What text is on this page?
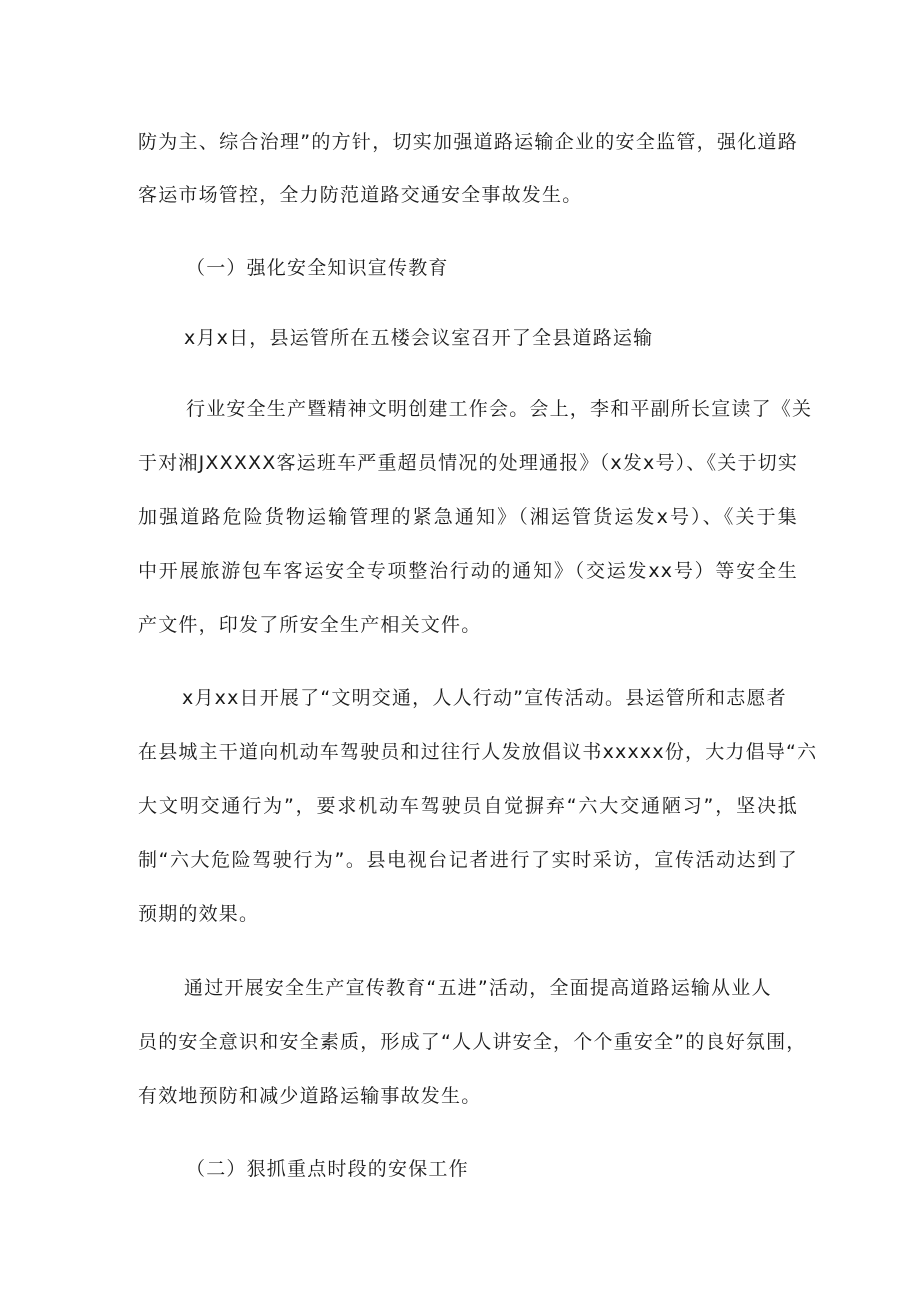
防为主、综合治理”的方针，切实加强道路运输企业的安全监管，强化道路
客运市场管控，全力防范道路交通安全事故发生。
（一）强化安全知识宣传教育
x月x日，县运管所在五楼会议室召开了全县道路运输
行业安全生产暨精神文明创建工作会。会上，李和平副所长宣读了《关
于对湘JXXXXX客运班车严重超员情况的处理通报》（x发x号）、《关于切实
加强道路危险货物运输管理的紧急通知》（湘运管货运发x号）、《关于集
中开展旅游包车客运安全专项整治行动的通知》（交运发xx号）等安全生
产文件，印发了所安全生产相关文件。
x月xx日开展了“文明交通，人人行动”宣传活动。县运管所和志愿者
在县城主干道向机动车驾驶员和过往行人发放倡议书xxxxx份，大力倡导“六
大文明交通行为”，要求机动车驾驶员自觉摒弃“六大交通陋习”，坚决抵
制“六大危险驾驶行为”。县电视台记者进行了实时采访，宣传活动达到了
预期的效果。
通过开展安全生产宣传教育“五进”活动，全面提高道路运输从业人
员的安全意识和安全素质，形成了“人人讲安全，个个重安全”的良好氛围，
有效地预防和减少道路运输事故发生。
（二）狠抓重点时段的安保工作
